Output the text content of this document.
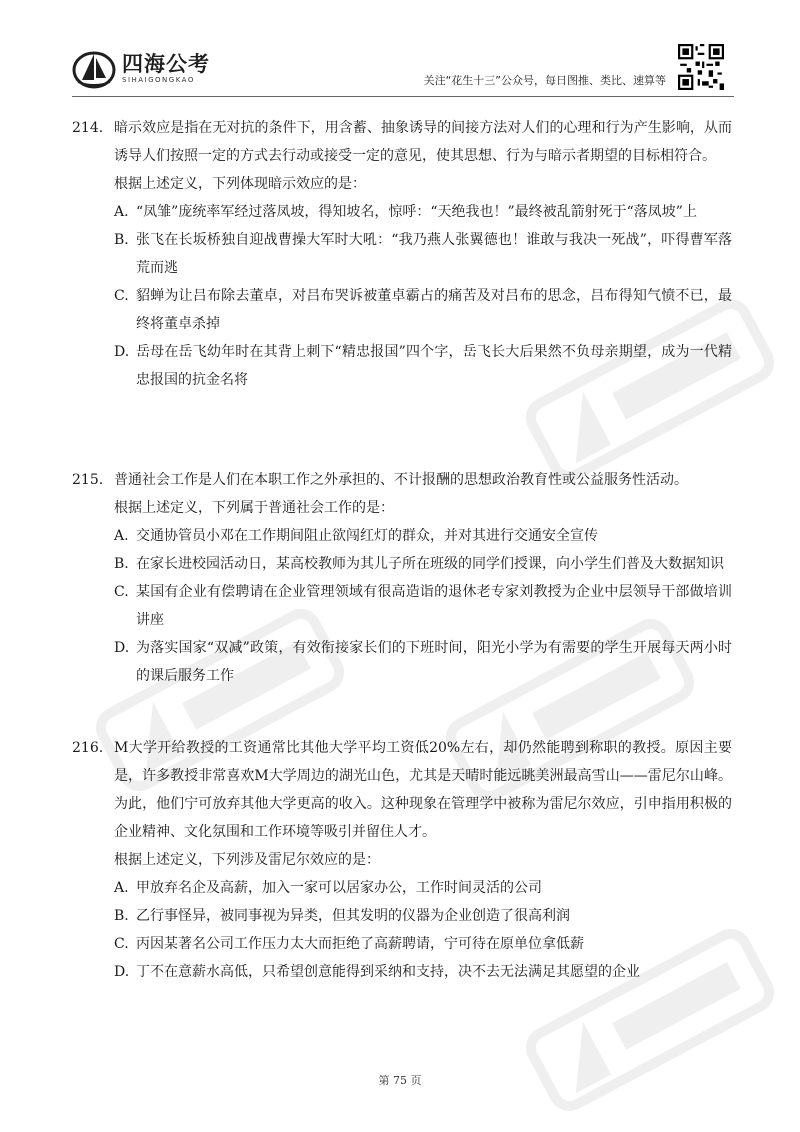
四海公考
SIHAIGONGKAO	关注“花生十三”公众号，每日图推、类比、速算等
214. 暗示效应是指在无对抗的条件下，用含蓄、抽象诱导的间接方法对人们的心理和行为产生影响，从而诱导人们按照一定的方式去行动或接受一定的意见，使其思想、行为与暗示者期望的目标相符合。
根据上述定义，下列体现暗示效应的是：
A. “凤雏”庞统率军经过落凤坡，得知坡名，惊呼：“天绝我也！”最终被乱箭射死于“落凤坡”上
B. 张飞在长坂桥独自迎战曹操大军时大吼：“我乃燕人张翼德也！谁敢与我决一死战”，吓得曹军落荒而逃
C. 貂蝉为让吕布除去董卓，对吕布哭诉被董卓霸占的痛苦及对吕布的思念，吕布得知气愤不已，最终将董卓杀掉
D. 岳母在岳飞幼年时在其背上刺下“精忠报国”四个字，岳飞长大后果然不负母亲期望，成为一代精忠报国的抗金名将
215. 普通社会工作是人们在本职工作之外承担的、不计报酬的思想政治教育性或公益服务性活动。
根据上述定义，下列属于普通社会工作的是：
A. 交通协管员小邓在工作期间阻止欲闯红灯的群众，并对其进行交通安全宣传
B. 在家长进校园活动日，某高校教师为其儿子所在班级的同学们授课，向小学生们普及大数据知识
C. 某国有企业有偿聘请在企业管理领域有很高造诣的退休老专家刘教授为企业中层领导干部做培训讲座
D. 为落实国家“双减”政策，有效衔接家长们的下班时间，阳光小学为有需要的学生开展每天两小时的课后服务工作
216. M大学开给教授的工资通常比其他大学平均工资低20%左右，却仍然能聘到称职的教授。原因主要是，许多教授非常喜欢M大学周边的湖光山色，尤其是天晴时能远眺美洲最高雪山——雷尼尔山峰。为此，他们宁可放弃其他大学更高的收入。这种现象在管理学中被称为雷尼尔效应，引申指用积极的企业精神、文化氛围和工作环境等吸引并留住人才。
根据上述定义，下列涉及雷尼尔效应的是：
A. 甲放弃名企及高薪，加入一家可以居家办公，工作时间灵活的公司
B. 乙行事怪异，被同事视为异类，但其发明的仪器为企业创造了很高利润
C. 丙因某著名公司工作压力太大而拒绝了高薪聘请，宁可待在原单位拿低薪
D. 丁不在意薪水高低，只希望创意能得到采纳和支持，决不去无法满足其愿望的企业
第 75 页
